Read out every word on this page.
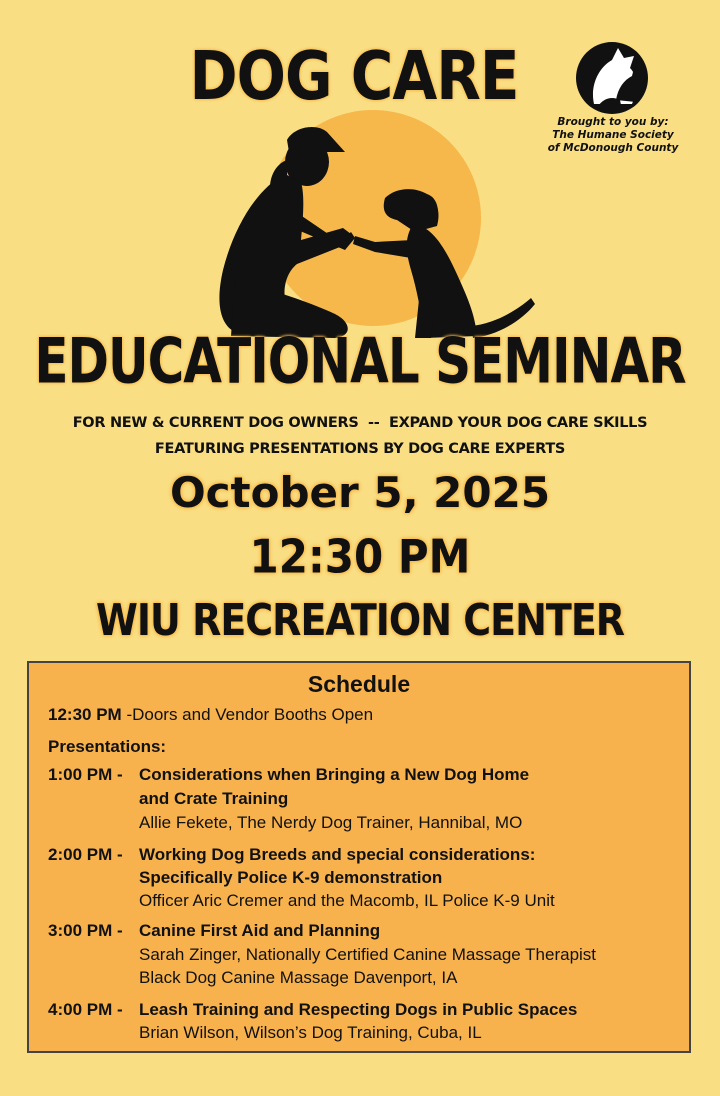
DOG CARE
Brought to you by:
The Humane Society
of McDonough County
EDUCATIONAL SEMINAR
FOR NEW & CURRENT DOG OWNERS  --  EXPAND YOUR DOG CARE SKILLS
FEATURING PRESENTATIONS BY DOG CARE EXPERTS
October 5, 2025
12:30 PM
WIU RECREATION CENTER
Schedule
12:30 PM -Doors and Vendor Booths Open
Presentations:
1:00 PM - Considerations when Bringing a New Dog Home
and Crate Training
Allie Fekete, The Nerdy Dog Trainer, Hannibal, MO
2:00 PM - Working Dog Breeds and special considerations:
Specifically Police K-9 demonstration
Officer Aric Cremer and the Macomb, IL Police K-9 Unit
3:00 PM - Canine First Aid and Planning
Sarah Zinger, Nationally Certified Canine Massage Therapist
Black Dog Canine Massage Davenport, IA
4:00 PM - Leash Training and Respecting Dogs in Public Spaces
Brian Wilson, Wilson’s Dog Training, Cuba, IL
